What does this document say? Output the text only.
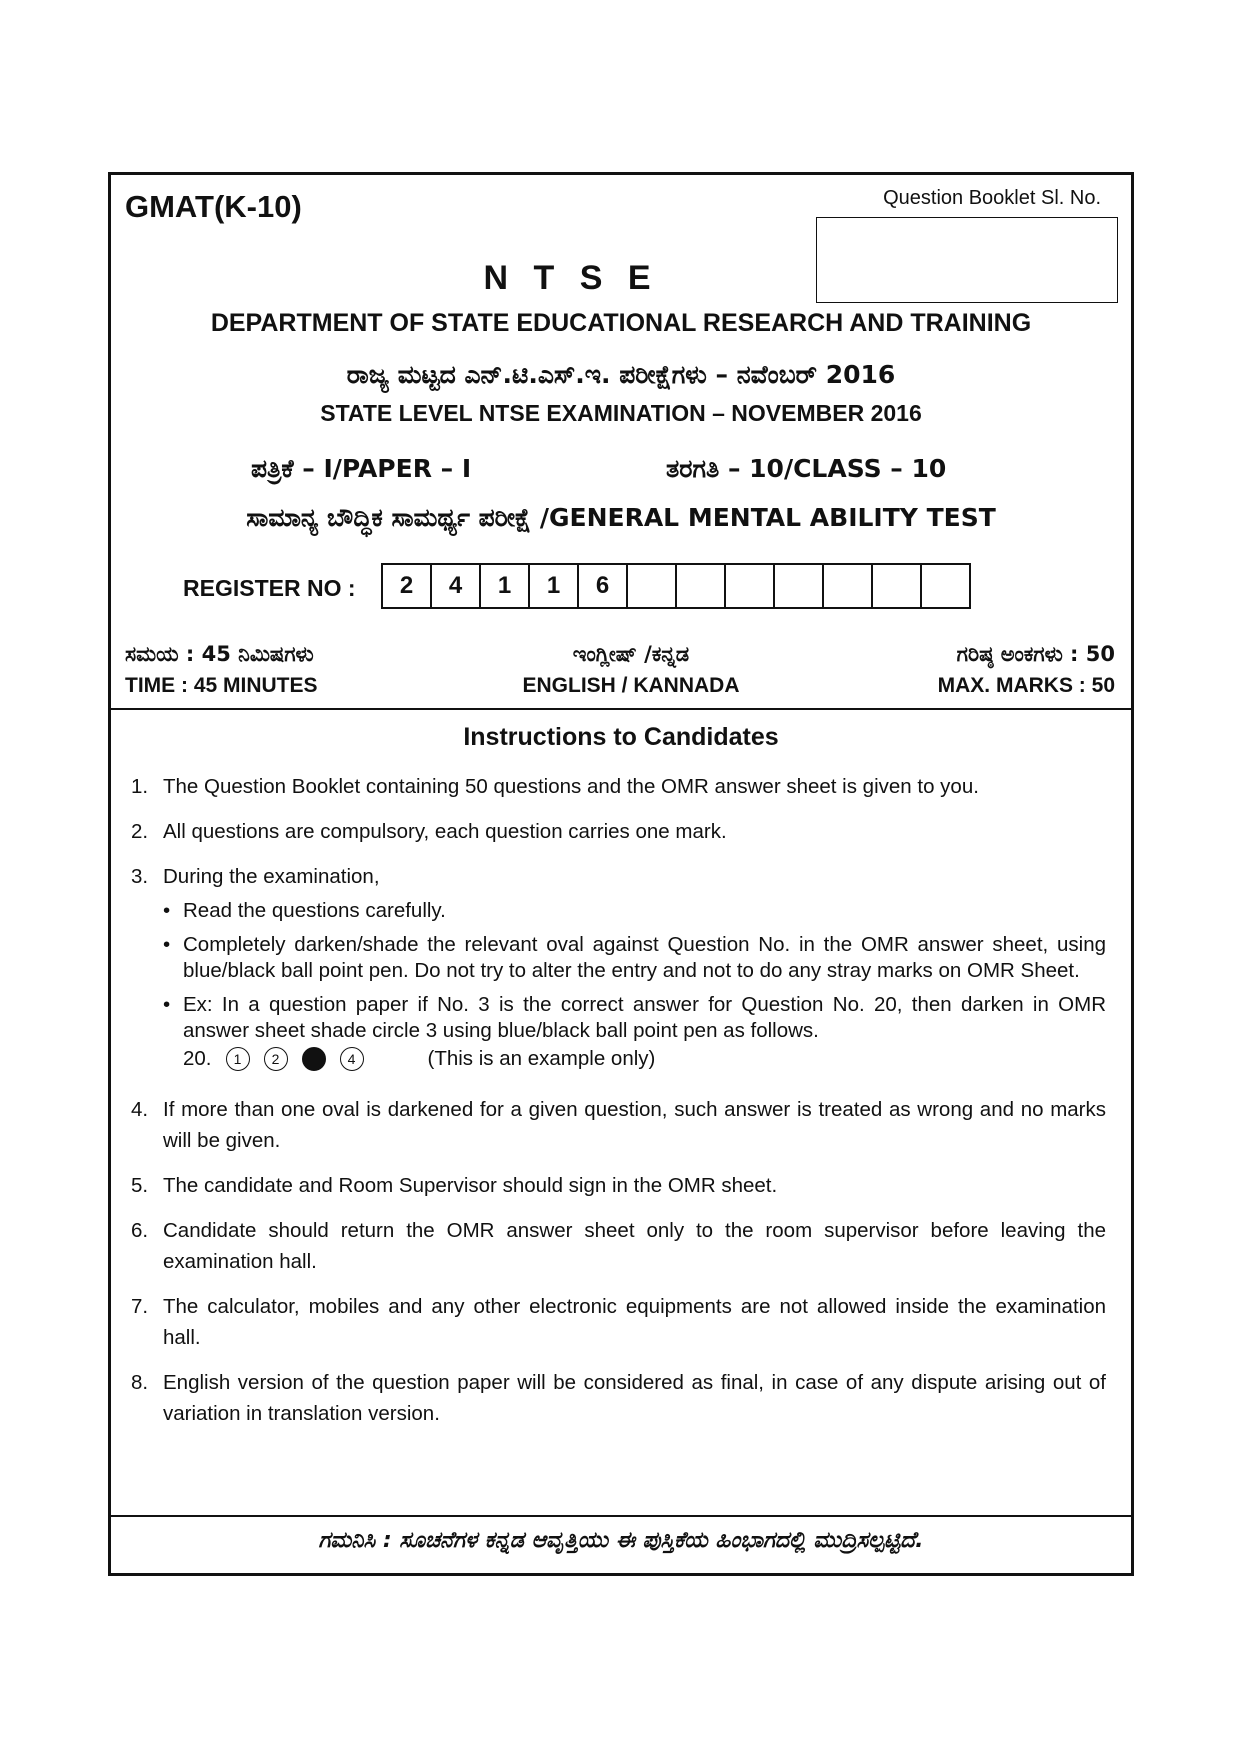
GMAT(K-10)	Question Booklet Sl. No.
N T S E
DEPARTMENT OF STATE EDUCATIONAL RESEARCH AND TRAINING
ರಾಜ್ಯ ಮಟ್ಟದ ಎನ್.ಟಿ.ಎಸ್.ಇ. ಪರೀಕ್ಷೆಗಳು – ನವೆಂಬರ್ 2016
STATE LEVEL NTSE EXAMINATION – NOVEMBER 2016
ಪತ್ರಿಕೆ – I/PAPER – I	ತರಗತಿ – 10/CLASS – 10
ಸಾಮಾನ್ಯ ಬೌದ್ಧಿಕ ಸಾಮರ್ಥ್ಯ ಪರೀಕ್ಷೆ /GENERAL MENTAL ABILITY TEST
REGISTER NO :	2	4	1	1	6
ಸಮಯ : 45 ನಿಮಿಷಗಳು
TIME : 45 MINUTES
ಇಂಗ್ಲೀಷ್ /ಕನ್ನಡ
ENGLISH / KANNADA
ಗರಿಷ್ಠ ಅಂಕಗಳು : 50
MAX. MARKS : 50
Instructions to Candidates
1. The Question Booklet containing 50 questions and the OMR answer sheet is given to you.
2. All questions are compulsory, each question carries one mark.
3. During the examination,
• Read the questions carefully.
• Completely darken/shade the relevant oval against Question No. in the OMR answer sheet, using blue/black ball point pen. Do not try to alter the entry and not to do any stray marks on OMR Sheet.
• Ex: In a question paper if No. 3 is the correct answer for Question No. 20, then darken in OMR answer sheet shade circle 3 using blue/black ball point pen as follows.
20.	1	2	4	(This is an example only)
4. If more than one oval is darkened for a given question, such answer is treated as wrong and no marks will be given.
5. The candidate and Room Supervisor should sign in the OMR sheet.
6. Candidate should return the OMR answer sheet only to the room supervisor before leaving the examination hall.
7. The calculator, mobiles and any other electronic equipments are not allowed inside the examination hall.
8. English version of the question paper will be considered as final, in case of any dispute arising out of variation in translation version.
ಗಮನಿಸಿ : ಸೂಚನೆಗಳ ಕನ್ನಡ ಆವೃತ್ತಿಯು ಈ ಪುಸ್ತಿಕೆಯ ಹಿಂಭಾಗದಲ್ಲಿ ಮುದ್ರಿಸಲ್ಪಟ್ಟಿದೆ.
